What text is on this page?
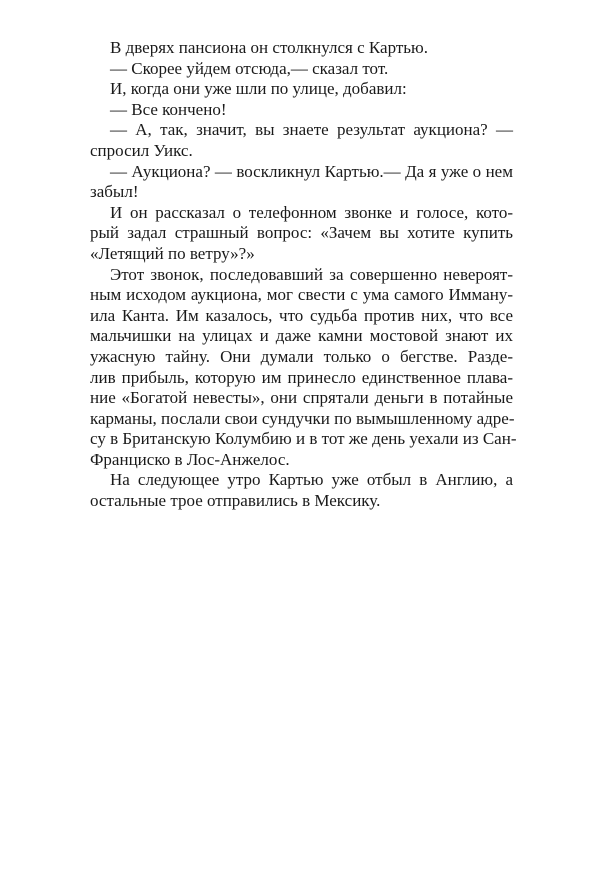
В дверях пансиона он столкнулся с Картью.
— Скорее уйдем отсюда,— сказал тот.
И, когда они уже шли по улице, добавил:
— Все кончено!
— А, так, значит, вы знаете результат аукциона? —
спросил Уикс.
— Аукциона? — воскликнул Картью.— Да я уже о нем
забыл!
И он рассказал о телефонном звонке и голосе, кото-
рый задал страшный вопрос: «Зачем вы хотите купить
«Летящий по ветру»?»
Этот звонок, последовавший за совершенно невероят-
ным исходом аукциона, мог свести с ума самого Имману-
ила Канта. Им казалось, что судьба против них, что все
мальчишки на улицах и даже камни мостовой знают их
ужасную тайну. Они думали только о бегстве. Разде-
лив прибыль, которую им принесло единственное плава-
ние «Богатой невесты», они спрятали деньги в потайные
карманы, послали свои сундучки по вымышленному адре-
су в Британскую Колумбию и в тот же день уехали из Сан-
Франциско в Лос-Анжелос.
На следующее утро Картью уже отбыл в Англию, а
остальные трое отправились в Мексику.
